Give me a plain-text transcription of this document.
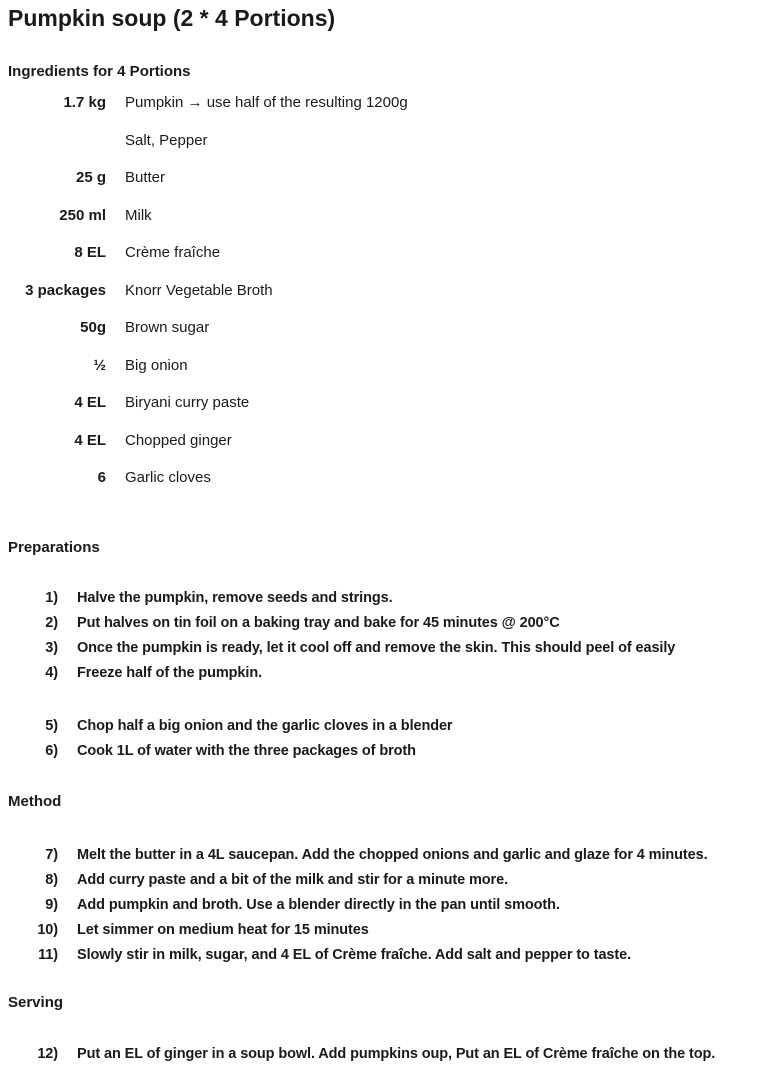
Pumpkin soup (2 * 4 Portions)
Ingredients for 4 Portions
1.7 kg Pumpkin → use half of the resulting 1200g
Salt, Pepper
25 g Butter
250 ml Milk
8 EL Crème fraîche
3 packages Knorr Vegetable Broth
50g Brown sugar
½ Big onion
4 EL Biryani curry paste
4 EL Chopped ginger
6 Garlic cloves
Preparations
1) Halve the pumpkin, remove seeds and strings.
2) Put halves on tin foil on a baking tray and bake for 45 minutes @ 200°C
3) Once the pumpkin is ready, let it cool off and remove the skin. This should peel of easily
4) Freeze half of the pumpkin.
5) Chop half a big onion and the garlic cloves in a blender
6) Cook 1L of water with the three packages of broth
Method
7) Melt the butter in a 4L saucepan. Add the chopped onions and garlic and glaze for 4 minutes.
8) Add curry paste and a bit of the milk and stir for a minute more.
9) Add pumpkin and broth. Use a blender directly in the pan until smooth.
10) Let simmer on medium heat for 15 minutes
11) Slowly stir in milk, sugar, and 4 EL of Crème fraîche. Add salt and pepper to taste.
Serving
12) Put an EL of ginger in a soup bowl. Add pumpkins oup, Put an EL of Crème fraîche on the top.
